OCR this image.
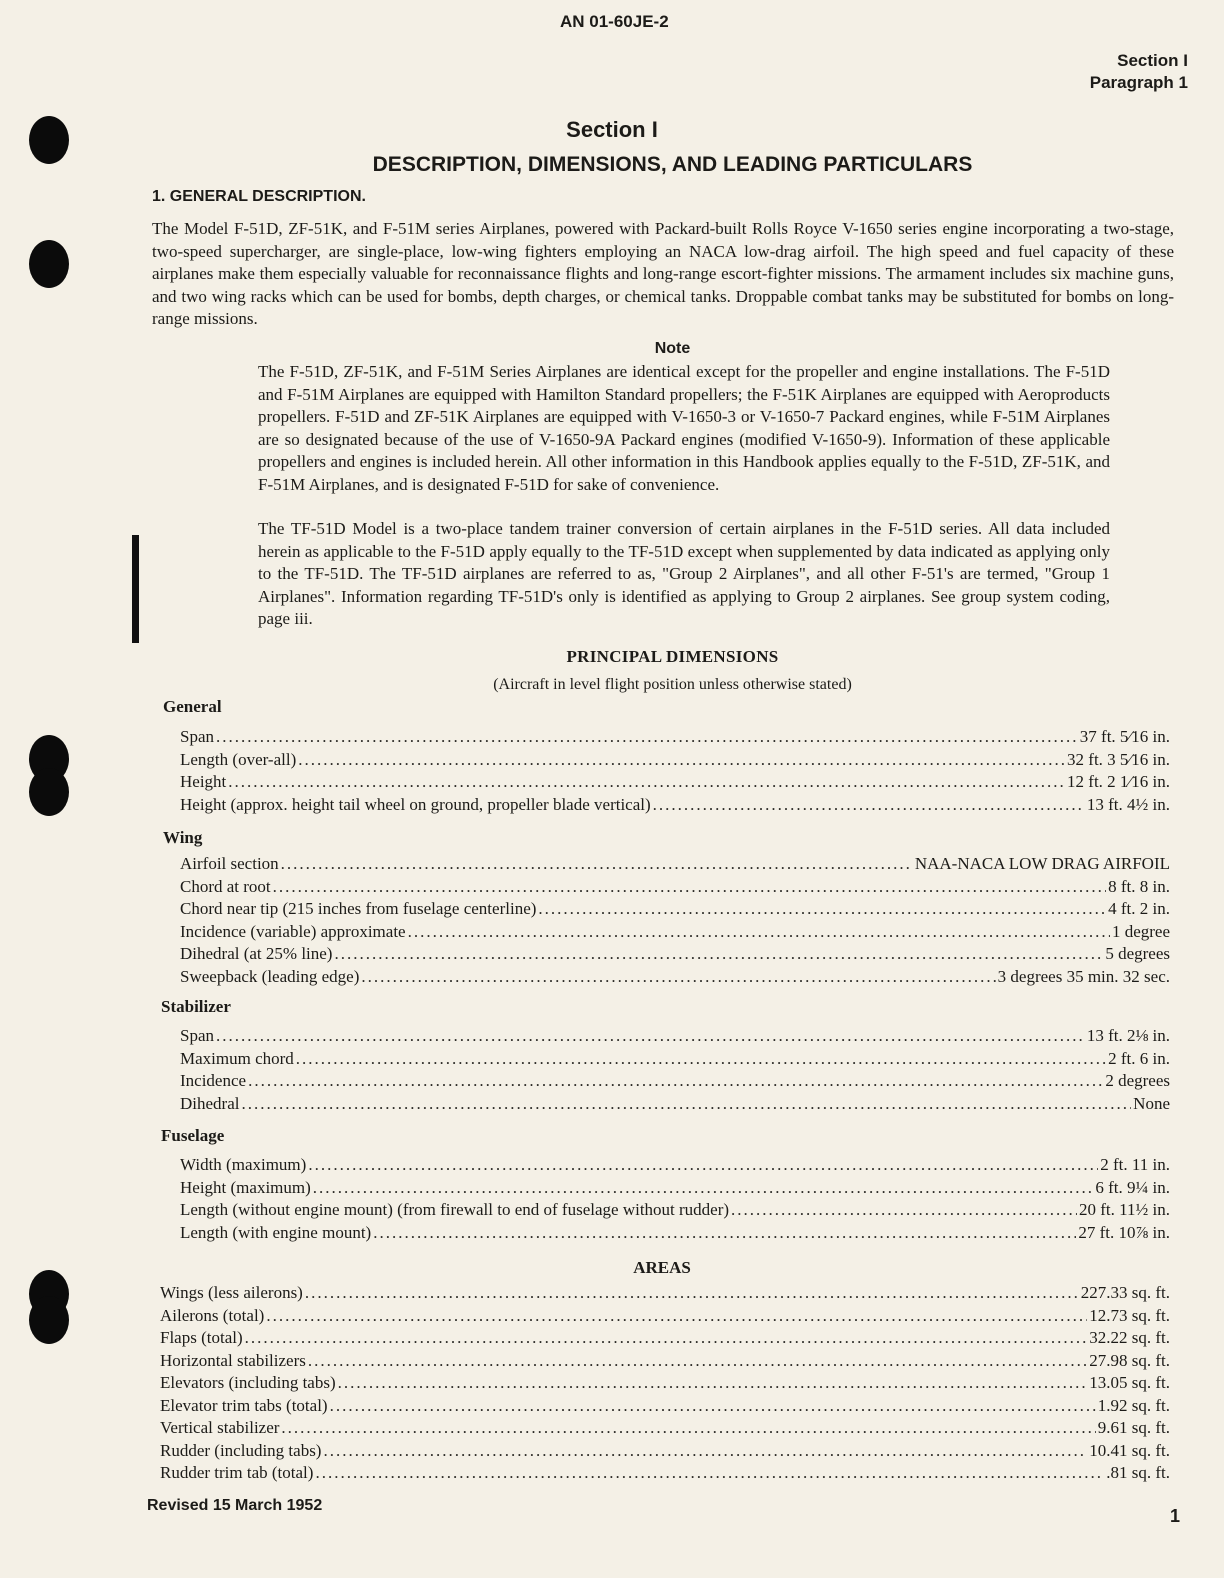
AN 01-60JE-2
Section I
Paragraph 1
Section I
DESCRIPTION, DIMENSIONS, AND LEADING PARTICULARS
1. GENERAL DESCRIPTION.

The Model F-51D, ZF-51K, and F-51M series Airplanes, powered with Packard-built Rolls Royce V-1650 series engine incorporating a two-stage, two-speed supercharger, are single-place, low-wing fighters employing an NACA low-drag airfoil. The high speed and fuel capacity of these airplanes make them especially valuable for reconnaissance flights and long-range escort-fighter missions. The armament includes six machine guns, and two wing racks which can be used for bombs, depth charges, or chemical tanks. Droppable combat tanks may be substituted for bombs on long-range missions.

Note

The F-51D, ZF-51K, and F-51M Series Airplanes are identical except for the propeller and engine installations. The F-51D and F-51M Airplanes are equipped with Hamilton Standard propellers; the F-51K Airplanes are equipped with Aeroproducts propellers. F-51D and ZF-51K Airplanes are equipped with V-1650-3 or V-1650-7 Packard engines, while F-51M Airplanes are so designated because of the use of V-1650-9A Packard engines (modified V-1650-9). Information of these applicable propellers and engines is included herein. All other information in this Handbook applies equally to the F-51D, ZF-51K, and F-51M Airplanes, and is designated F-51D for sake of convenience.

The TF-51D Model is a two-place tandem trainer conversion of certain airplanes in the F-51D series. All data included herein as applicable to the F-51D apply equally to the TF-51D except when supplemented by data indicated as applying only to the TF-51D. The TF-51D airplanes are referred to as, "Group 2 Airplanes", and all other F-51's are termed, "Group 1 Airplanes". Information regarding TF-51D's only is identified as applying to Group 2 airplanes. See group system coding, page iii.

PRINCIPAL DIMENSIONS
(Aircraft in level flight position unless otherwise stated)
General
Span .....	37 ft. 5⁄16 in.
Length (over-all) .....	32 ft. 3 5⁄16 in.
Height .....	12 ft. 2 1⁄16 in.
Height (approx. height tail wheel on ground, propeller blade vertical) .....	13 ft. 4½ in.
Wing
Airfoil section .....	NAA-NACA LOW DRAG AIRFOIL
Chord at root .....	8 ft. 8 in.
Chord near tip (215 inches from fuselage centerline) .....	4 ft. 2 in.
Incidence (variable) approximate .....	1 degree
Dihedral (at 25% line) .....	5 degrees
Sweepback (leading edge) .....	3 degrees 35 min. 32 sec.
Stabilizer
Span .....	13 ft. 2⅛ in.
Maximum chord .....	2 ft. 6 in.
Incidence .....	2 degrees
Dihedral .....	None
Fuselage
Width (maximum) .....	2 ft. 11 in.
Height (maximum) .....	6 ft. 9¼ in.
Length (without engine mount) (from firewall to end of fuselage without rudder) .....	20 ft. 11½ in.
Length (with engine mount) .....	27 ft. 10⅞ in.
AREAS
Wings (less ailerons) .....	227.33 sq. ft.
Ailerons (total) .....	12.73 sq. ft.
Flaps (total) .....	32.22 sq. ft.
Horizontal stabilizers .....	27.98 sq. ft.
Elevators (including tabs) .....	13.05 sq. ft.
Elevator trim tabs (total) .....	1.92 sq. ft.
Vertical stabilizer .....	9.61 sq. ft.
Rudder (including tabs) .....	10.41 sq. ft.
Rudder trim tab (total) .....	.81 sq. ft.
Revised 15 March 1952
1
